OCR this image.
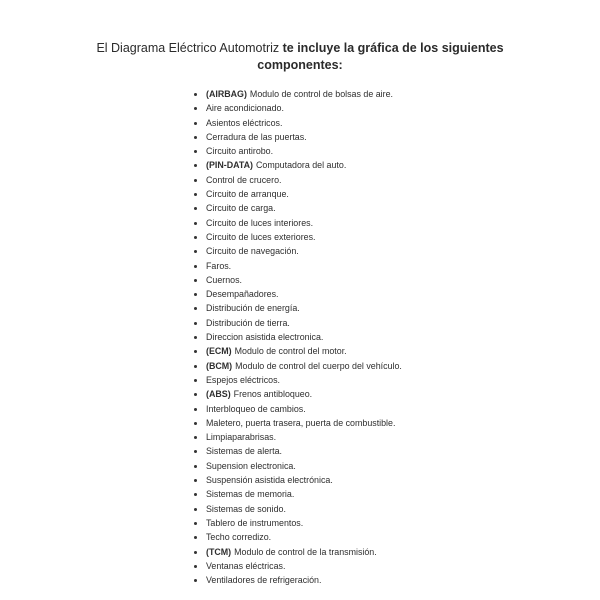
El Diagrama Eléctrico Automotriz te incluye la gráfica de los siguientes componentes:
(AIRBAG) Modulo de control de bolsas de aire.
Aire acondicionado.
Asientos eléctricos.
Cerradura de las puertas.
Circuito antirobo.
(PIN-DATA) Computadora del auto.
Control de crucero.
Circuito de arranque.
Circuito de carga.
Circuito de luces interiores.
Circuito de luces exteriores.
Circuito de navegación.
Faros.
Cuernos.
Desempañadores.
Distribución de energía.
Distribución de tierra.
Direccion asistida electronica.
(ECM) Modulo de control del motor.
(BCM) Modulo de control del cuerpo del vehículo.
Espejos eléctricos.
(ABS) Frenos antibloqueo.
Interbloqueo de cambios.
Maletero, puerta trasera, puerta de combustible.
Limpiaparabrisas.
Sistemas de alerta.
Supension electronica.
Suspensión asistida electrónica.
Sistemas de memoria.
Sistemas de sonido.
Tablero de instrumentos.
Techo corredizo.
(TCM) Modulo de control de la transmisión.
Ventanas eléctricas.
Ventiladores de refrigeración.
